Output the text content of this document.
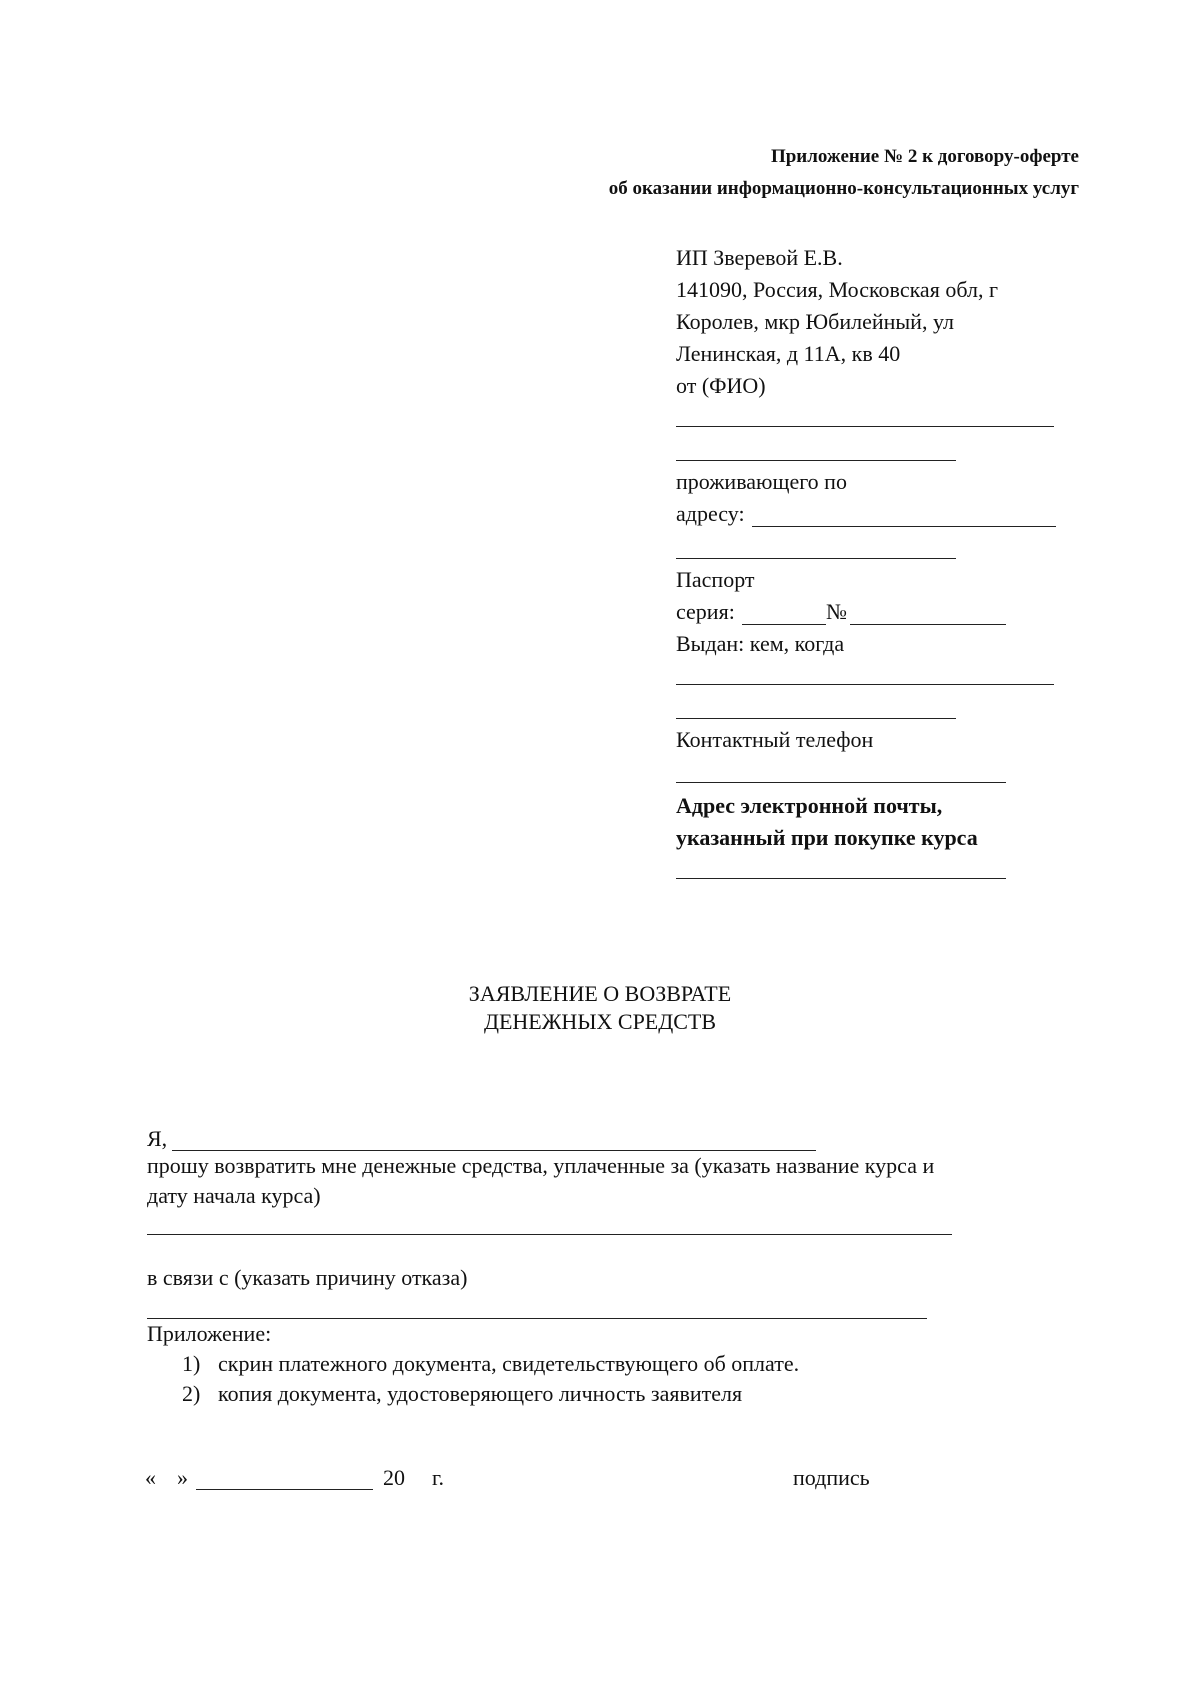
Приложение № 2 к договору-оферте
об оказании информационно-консультационных услуг
ИП Зверевой Е.В.
141090, Россия, Московская обл, г
Королев, мкр Юбилейный, ул
Ленинская, д 11А, кв 40
от (ФИО)
проживающего по
адресу:
Паспорт
серия:	№
Выдан: кем, когда
Контактный телефон
Адрес электронной почты,
указанный при покупке курса
ЗАЯВЛЕНИЕ О ВОЗВРАТЕ
ДЕНЕЖНЫХ СРЕДСТВ
Я,
прошу возвратить мне денежные средства, уплаченные за (указать название курса и
дату начала курса)
в связи с (указать причину отказа)
Приложение:
1) скрин платежного документа, свидетельствующего об оплате.
2) копия документа, удостоверяющего личность заявителя
« »	20 г.	подпись
